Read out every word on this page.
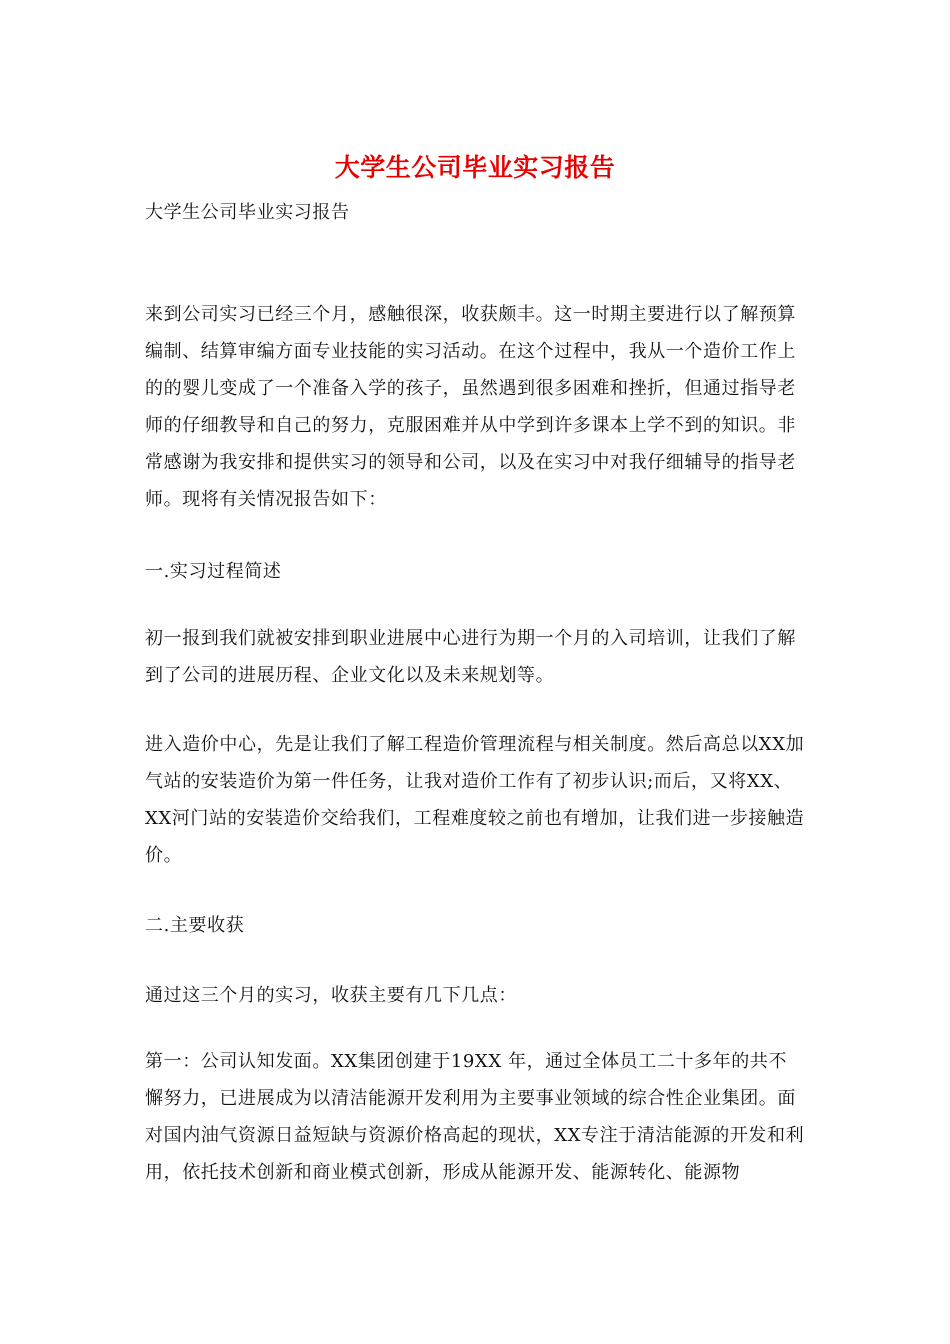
大学生公司毕业实习报告

大学生公司毕业实习报告

来到公司实习已经三个月，感触很深，收获颇丰。这一时期主要进行以了解预算编制、结算审编方面专业技能的实习活动。在这个过程中，我从一个造价工作上的的婴儿变成了一个准备入学的孩子，虽然遇到很多困难和挫折，但通过指导老师的仔细教导和自己的努力，克服困难并从中学到许多课本上学不到的知识。非常感谢为我安排和提供实习的领导和公司，以及在实习中对我仔细辅导的指导老师。现将有关情况报告如下：

一.实习过程简述

初一报到我们就被安排到职业进展中心进行为期一个月的入司培训，让我们了解到了公司的进展历程、企业文化以及未来规划等。

进入造价中心，先是让我们了解工程造价管理流程与相关制度。然后高总以XX加气站的安装造价为第一件任务，让我对造价工作有了初步认识;而后，又将XX、XX河门站的安装造价交给我们，工程难度较之前也有增加，让我们进一步接触造价。

二.主要收获

通过这三个月的实习，收获主要有几下几点：

第一：公司认知发面。XX集团创建于19XX 年，通过全体员工二十多年的共不懈努力，已进展成为以清洁能源开发利用为主要事业领域的综合性企业集团。面对国内油气资源日益短缺与资源价格高起的现状，XX专注于清洁能源的开发和利用，依托技术创新和商业模式创新，形成从能源开发、能源转化、能源物
